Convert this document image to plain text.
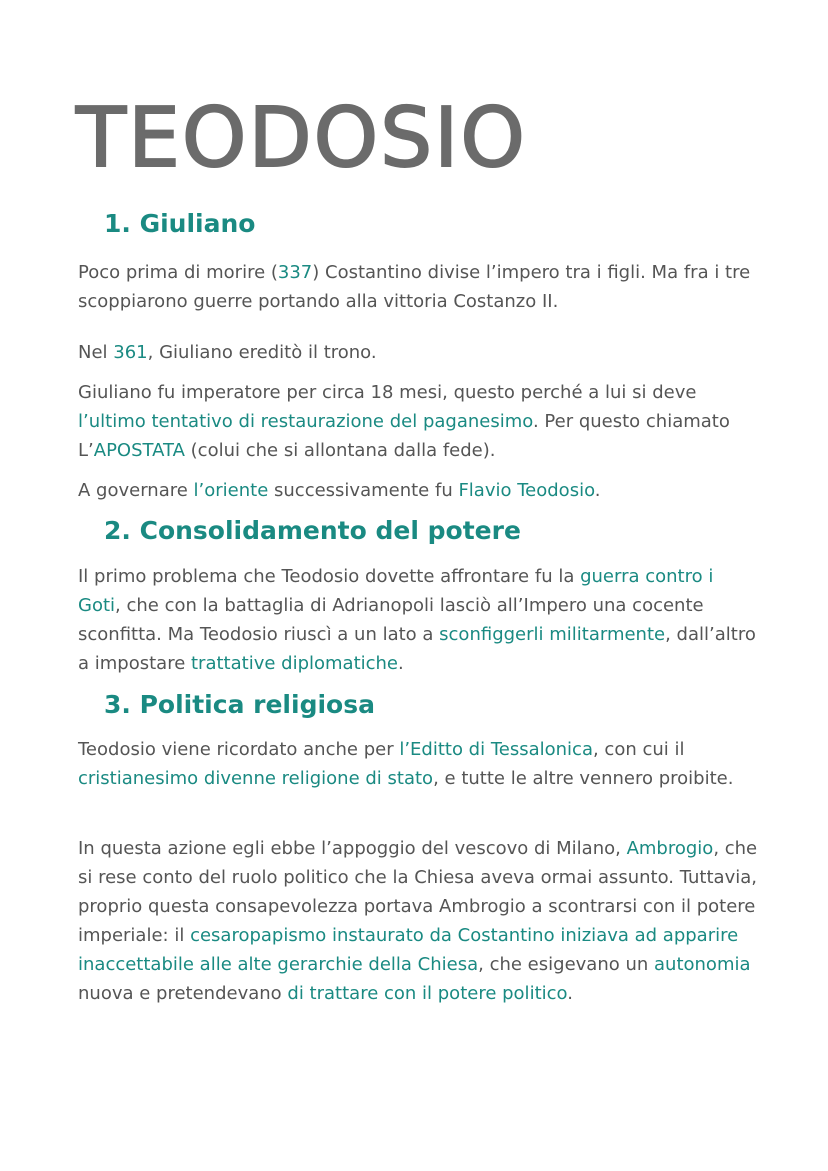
TEODOSIO
1. Giuliano

Poco prima di morire (337) Costantino divise l’impero tra i figli. Ma fra i tre scoppiarono guerre portando alla vittoria Costanzo II.

Nel 361, Giuliano ereditò il trono.

Giuliano fu imperatore per circa 18 mesi, questo perché a lui si deve l’ultimo tentativo di restaurazione del paganesimo. Per questo chiamato L’APOSTATA (colui che si allontana dalla fede).

A governare l’oriente successivamente fu Flavio Teodosio.

2. Consolidamento del potere

Il primo problema che Teodosio dovette affrontare fu la guerra contro i Goti, che con la battaglia di Adrianopoli lasciò all’Impero una cocente sconfitta. Ma Teodosio riuscì a un lato a sconfiggerli militarmente, dall’altro a impostare trattative diplomatiche.

3. Politica religiosa

Teodosio viene ricordato anche per l’Editto di Tessalonica, con cui il cristianesimo divenne religione di stato, e tutte le altre vennero proibite.

In questa azione egli ebbe l’appoggio del vescovo di Milano, Ambrogio, che si rese conto del ruolo politico che la Chiesa aveva ormai assunto. Tuttavia, proprio questa consapevolezza portava Ambrogio a scontrarsi con il potere imperiale: il cesaropapismo instaurato da Costantino iniziava ad apparire inaccettabile alle alte gerarchie della Chiesa, che esigevano un autonomia nuova e pretendevano di trattare con il potere politico.
